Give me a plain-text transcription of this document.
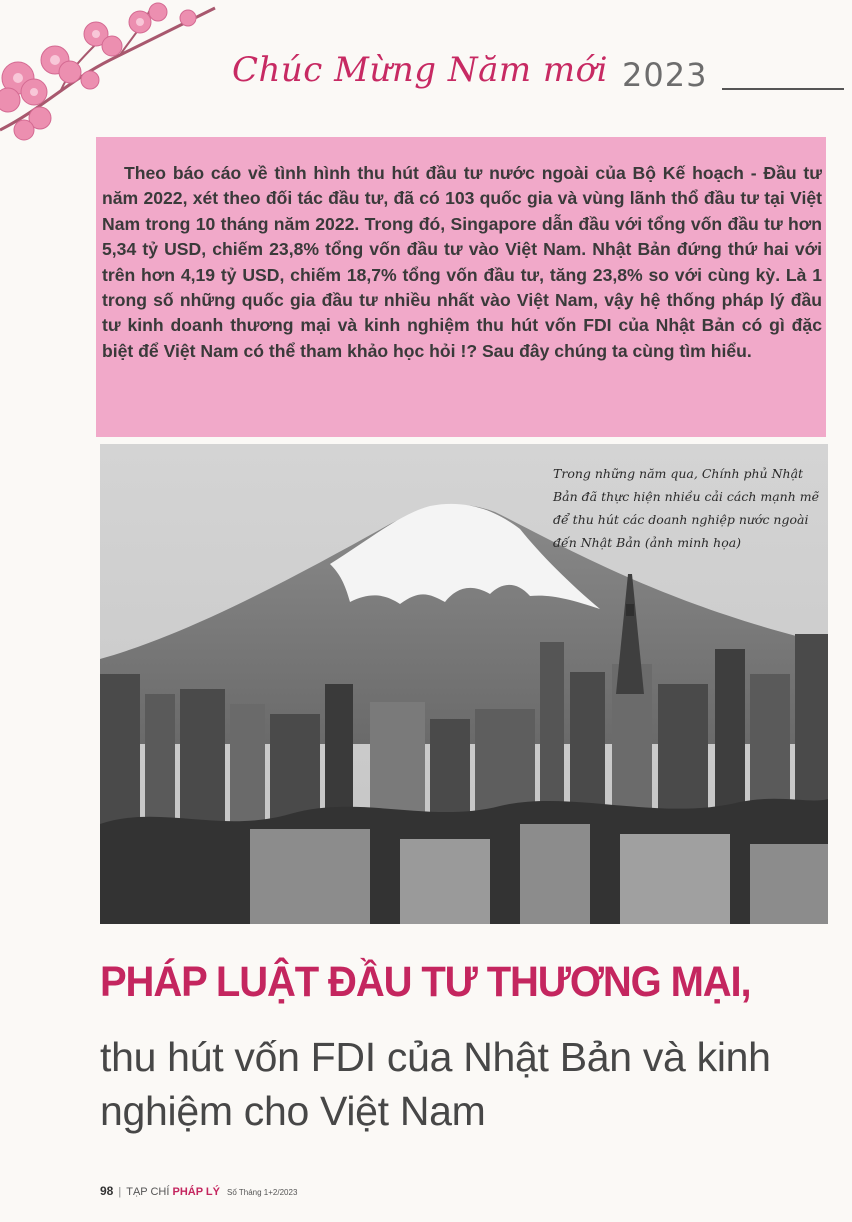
Chúc Mừng Năm mới 2023

Theo báo cáo về tình hình thu hút đầu tư nước ngoài của Bộ Kế hoạch - Đầu tư năm 2022, xét theo đối tác đầu tư, đã có 103 quốc gia và vùng lãnh thổ đầu tư tại Việt Nam trong 10 tháng năm 2022. Trong đó, Singapore dẫn đầu với tổng vốn đầu tư hơn 5,34 tỷ USD, chiếm 23,8% tổng vốn đầu tư vào Việt Nam. Nhật Bản đứng thứ hai với trên hơn 4,19 tỷ USD, chiếm 18,7% tổng vốn đầu tư, tăng 23,8% so với cùng kỳ. Là 1 trong số những quốc gia đầu tư nhiều nhất vào Việt Nam, vậy hệ thống pháp lý đầu tư kinh doanh thương mại và kinh nghiệm thu hút vốn FDI của Nhật Bản có gì đặc biệt để Việt Nam có thể tham khảo học hỏi !? Sau đây chúng ta cùng tìm hiểu.

Trong những năm qua, Chính phủ Nhật Bản đã thực hiện nhiều cải cách mạnh mẽ để thu hút các doanh nghiệp nước ngoài đến Nhật Bản (ảnh minh họa)

PHÁP LUẬT ĐẦU TƯ THƯƠNG MẠI,
thu hút vốn FDI của Nhật Bản và kinh nghiệm cho Việt Nam
98 | TẠP CHÍ PHÁP LÝ Số Tháng 1+2/2023
